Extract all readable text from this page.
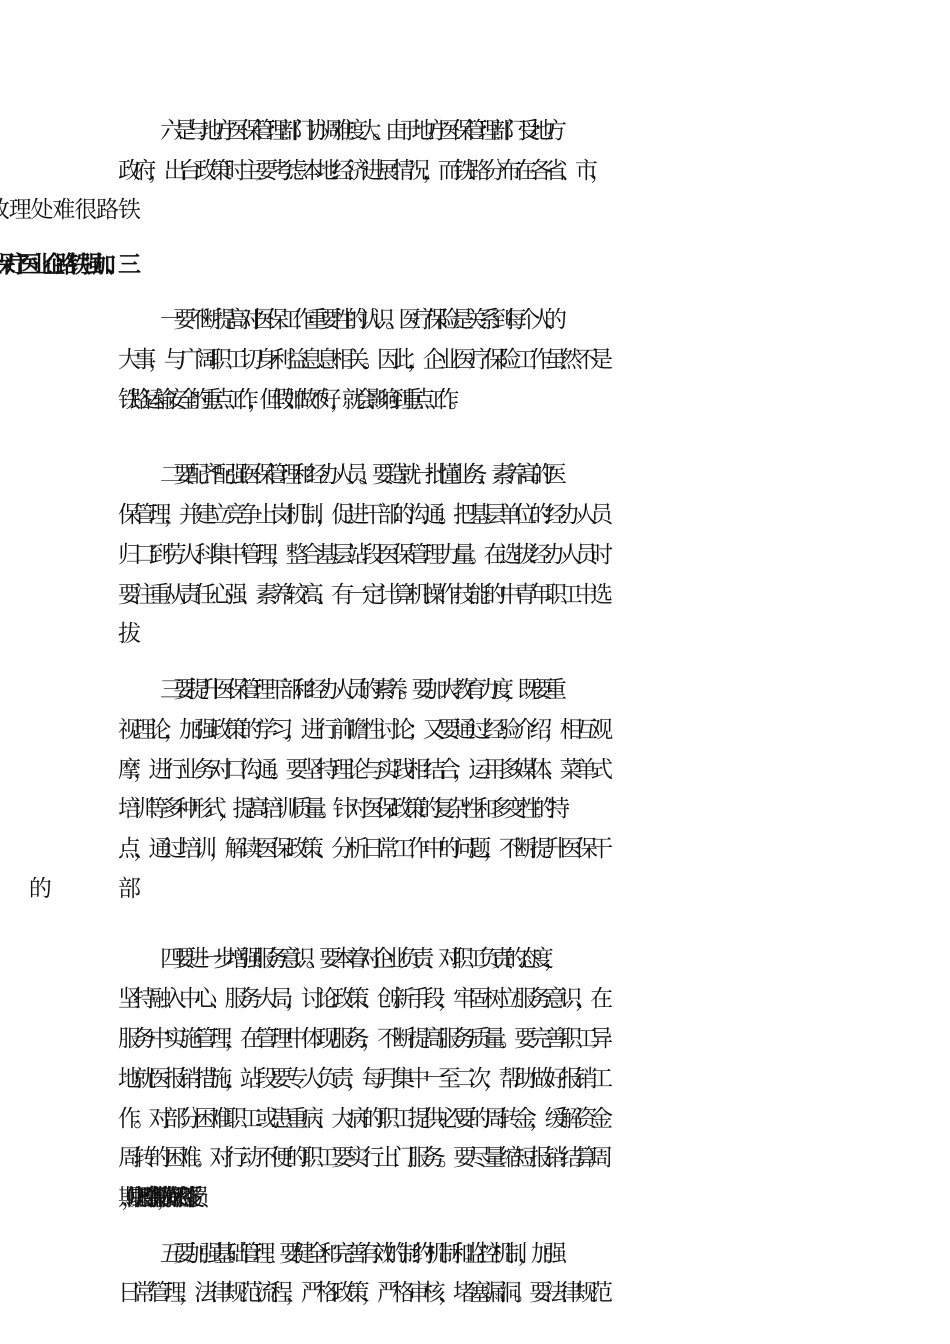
六是与地方医保管理部门协调难度大。由于地方医保管理部门受地方

政府，出台政策时主要考虑本地经济进展情况，而铁路分布在各省、市，

一要不断提高对医保工作重要性的认识。医疗保险是关系到每个人的

大事，与广阔职工切身利益息息相关。因此，企业医疗保险工作虽然不是

铁路运输安全的重点工作，但假如做不好，就会影响到重点工作。

二要配齐配强医保管理和经办人员。要造就一批懂业务、素养高的医

保管理，并建立竞争上岗机制，促进干部的沟通。把基层单位的经办人员

归口到劳人科集中管理，整合基层站段医保管理力量。在选拔经办人员时

要注重从责任心强、素养较高、有一定计算机操作技能的中青年职工中选

三要提升医保管理干部和经办人员的素养。要加大教育力度，既要重

视理论，加强政策的学习，进行前瞻性讨论；又要通过经验介绍，相互观

摩，进行业务对口沟通。要坚持理论与实践相结合，运用多媒体、菜单式

培训等多种形式，提高培训质量。针对医保政策的复杂性和多变性的特

点，通过培训，解读医保政策、分析日常工作中的问题，不断提升医保干

四要进一步增强服务意识。要本着对企业负责、对职工负责的态度，

坚持融入中心、服务大局，讨论政策、创新手段，牢固树立服务意识，在

服务中实施管理，在管理中体现服务，不断提高服务质量。要完善职工异

地就医报销措施，站段要专人负责，每月集中一至二次，帮助做好报销工

作。对部分困难职工或患重病、大病的职工提供必要的周转金，缓解资金

周转的困难。对行动不便的职工要实行上门服务。要尽量缩短报销结算周

期，使职工及时拿到报销款，确保职工利益不受损。

五要加强基础管理。要健全和完善有效的制约机制和监控机制，加强

日常管理，法律规范流程，严格政策，严格审核，堵塞漏洞。要法律规范
